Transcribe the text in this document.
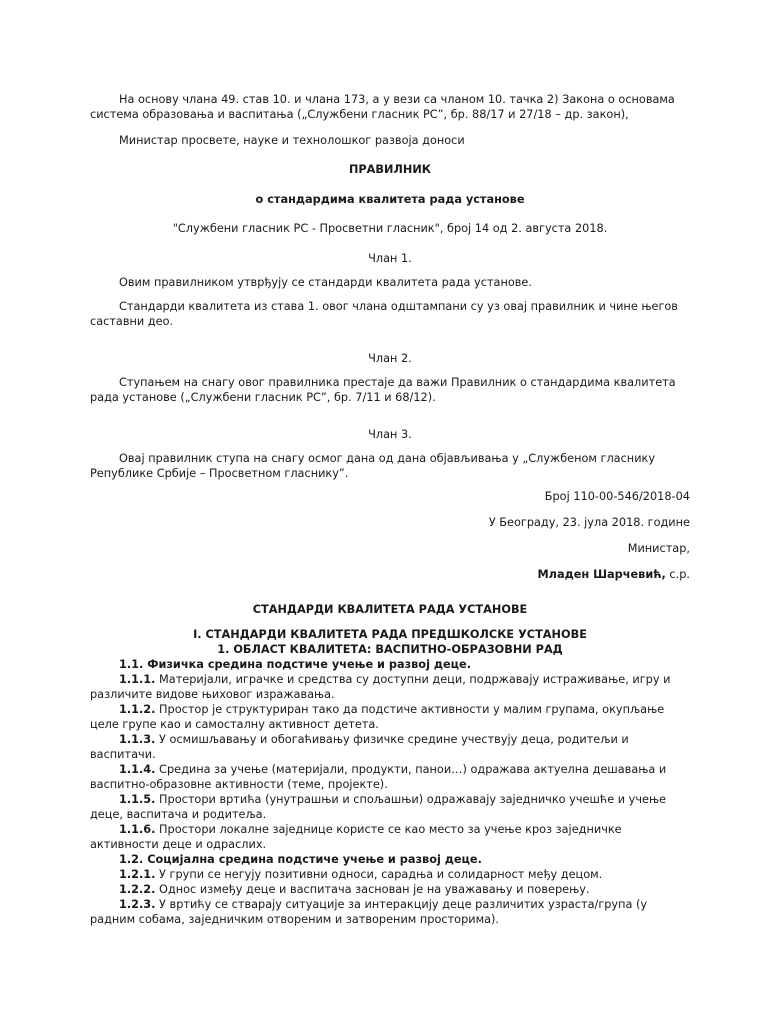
На основу члана 49. став 10. и члана 173, а у вези са чланом 10. тачка 2) Закона о основама система образовања и васпитања („Службени гласник РС”, бр. 88/17 и 27/18 – др. закон),

Министар просвете, науке и технолошког развоја доноси

ПРАВИЛНИК

о стандардима квалитета рада установе

"Службени гласник РС - Просветни гласник", број 14 од 2. августа 2018.

Члан 1.

Овим правилником утврђују се стандарди квалитета рада установе.

Стандарди квалитета из става 1. овог члана одштампани су уз овај правилник и чине његов саставни део.

Члан 2.

Ступањем на снагу овог правилника престаје да важи Правилник о стандардима квалитета рада установе („Службени гласник РС”, бр. 7/11 и 68/12).

Члан 3.

Овај правилник ступа на снагу осмог дана од дана објављивања у „Службеном гласнику Републике Србије – Просветном гласнику”.

Број 110-00-546/2018-04

У Београду, 23. јула 2018. године

Министар,

Младен Шарчевић, с.р.

СТАНДАРДИ КВАЛИТЕТА РАДА УСТАНОВЕ

I. СТАНДАРДИ КВАЛИТЕТА РАДА ПРЕДШКОЛСКЕ УСТАНОВЕ

1. ОБЛАСТ КВАЛИТЕТА: ВАСПИТНО-ОБРАЗОВНИ РАД

1.1. Физичка средина подстиче учење и развој деце.

1.1.1. Материјали, играчке и средства су доступни деци, подржавају истраживање, игру и различите видове њиховог изражавања.

1.1.2. Простор је структуриран тако да подстиче активности у малим групама, окупљање целе групе као и самосталну активност детета.

1.1.3. У осмишљавању и обогаћивању физичке средине учествују деца, родитељи и васпитачи.

1.1.4. Средина за учење (материјали, продукти, панои…) одражава актуелна дешавања и васпитно-образовне активности (теме, пројекте).

1.1.5. Простори вртића (унутрашњи и спољашњи) одражавају заједничко учешће и учење деце, васпитача и родитеља.

1.1.6. Простори локалне заједнице користе се као место за учење кроз заједничке активности деце и одраслих.

1.2. Социјална средина подстиче учење и развој деце.

1.2.1. У групи се негују позитивни односи, сарадња и солидарност међу децом.

1.2.2. Однос између деце и васпитача заснован је на уважавању и поверењу.

1.2.3. У вртићу се стварају ситуације за интеракцију деце различитих узраста/група (у радним собама, заједничким отвореним и затвореним просторима).
